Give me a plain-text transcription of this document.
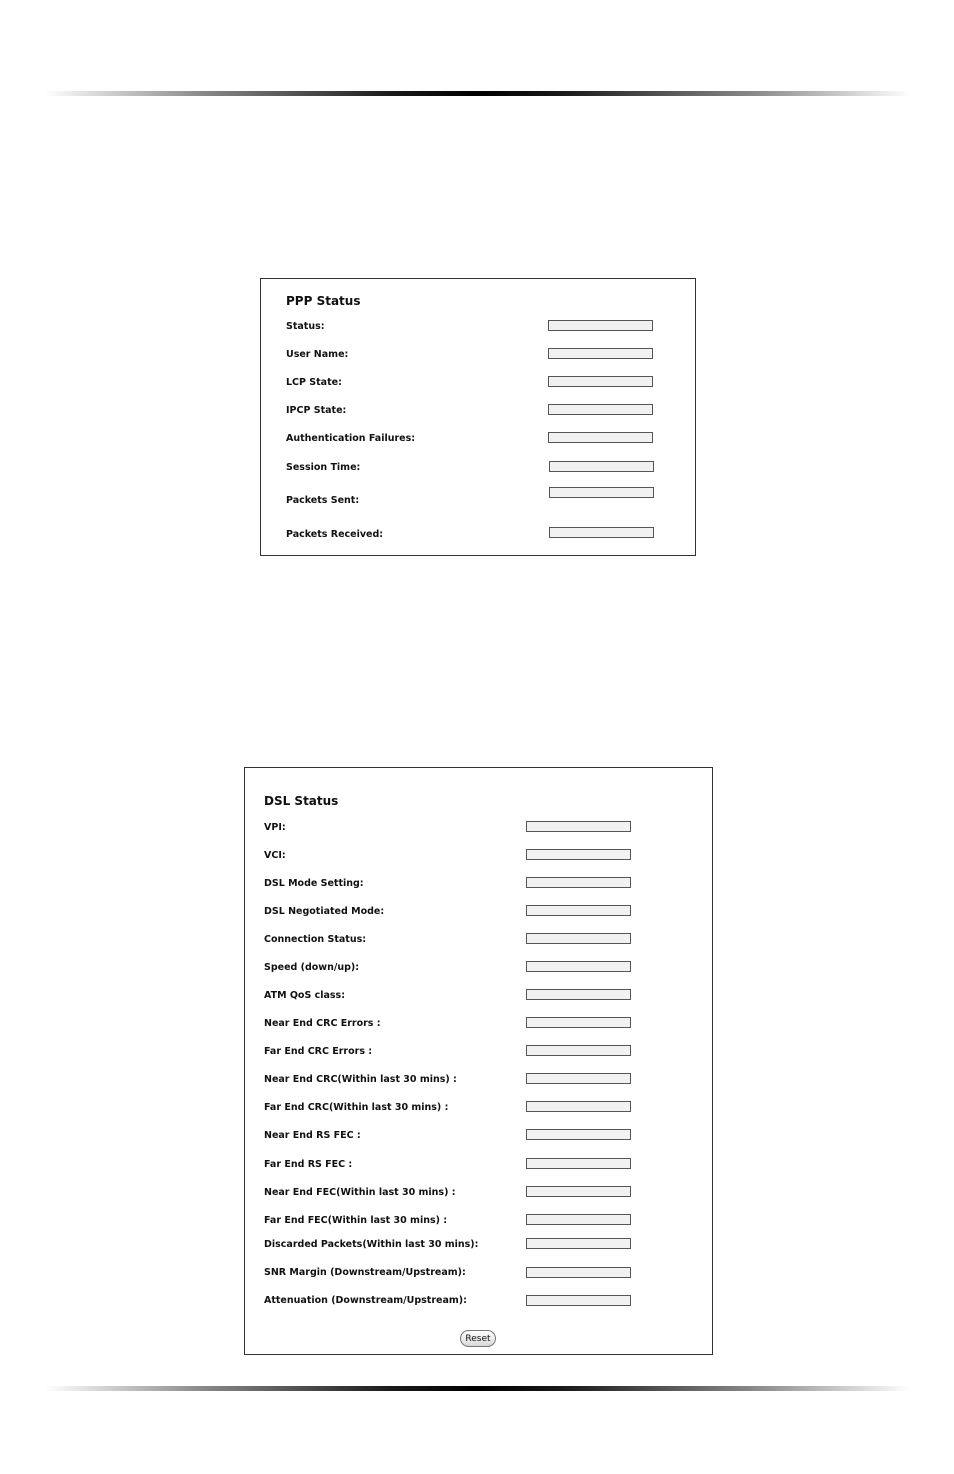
PPP Status
Status:
User Name:
LCP State:
IPCP State:
Authentication Failures:
Session Time:
Packets Sent:
Packets Received:
DSL Status
VPI:
VCI:
DSL Mode Setting:
DSL Negotiated Mode:
Connection Status:
Speed (down/up):
ATM QoS class:
Near End CRC Errors :
Far End CRC Errors :
Near End CRC(Within last 30 mins) :
Far End CRC(Within last 30 mins) :
Near End RS FEC :
Far End RS FEC :
Near End FEC(Within last 30 mins) :
Far End FEC(Within last 30 mins) :
Discarded Packets(Within last 30 mins):
SNR Margin (Downstream/Upstream):
Attenuation (Downstream/Upstream):
Reset
